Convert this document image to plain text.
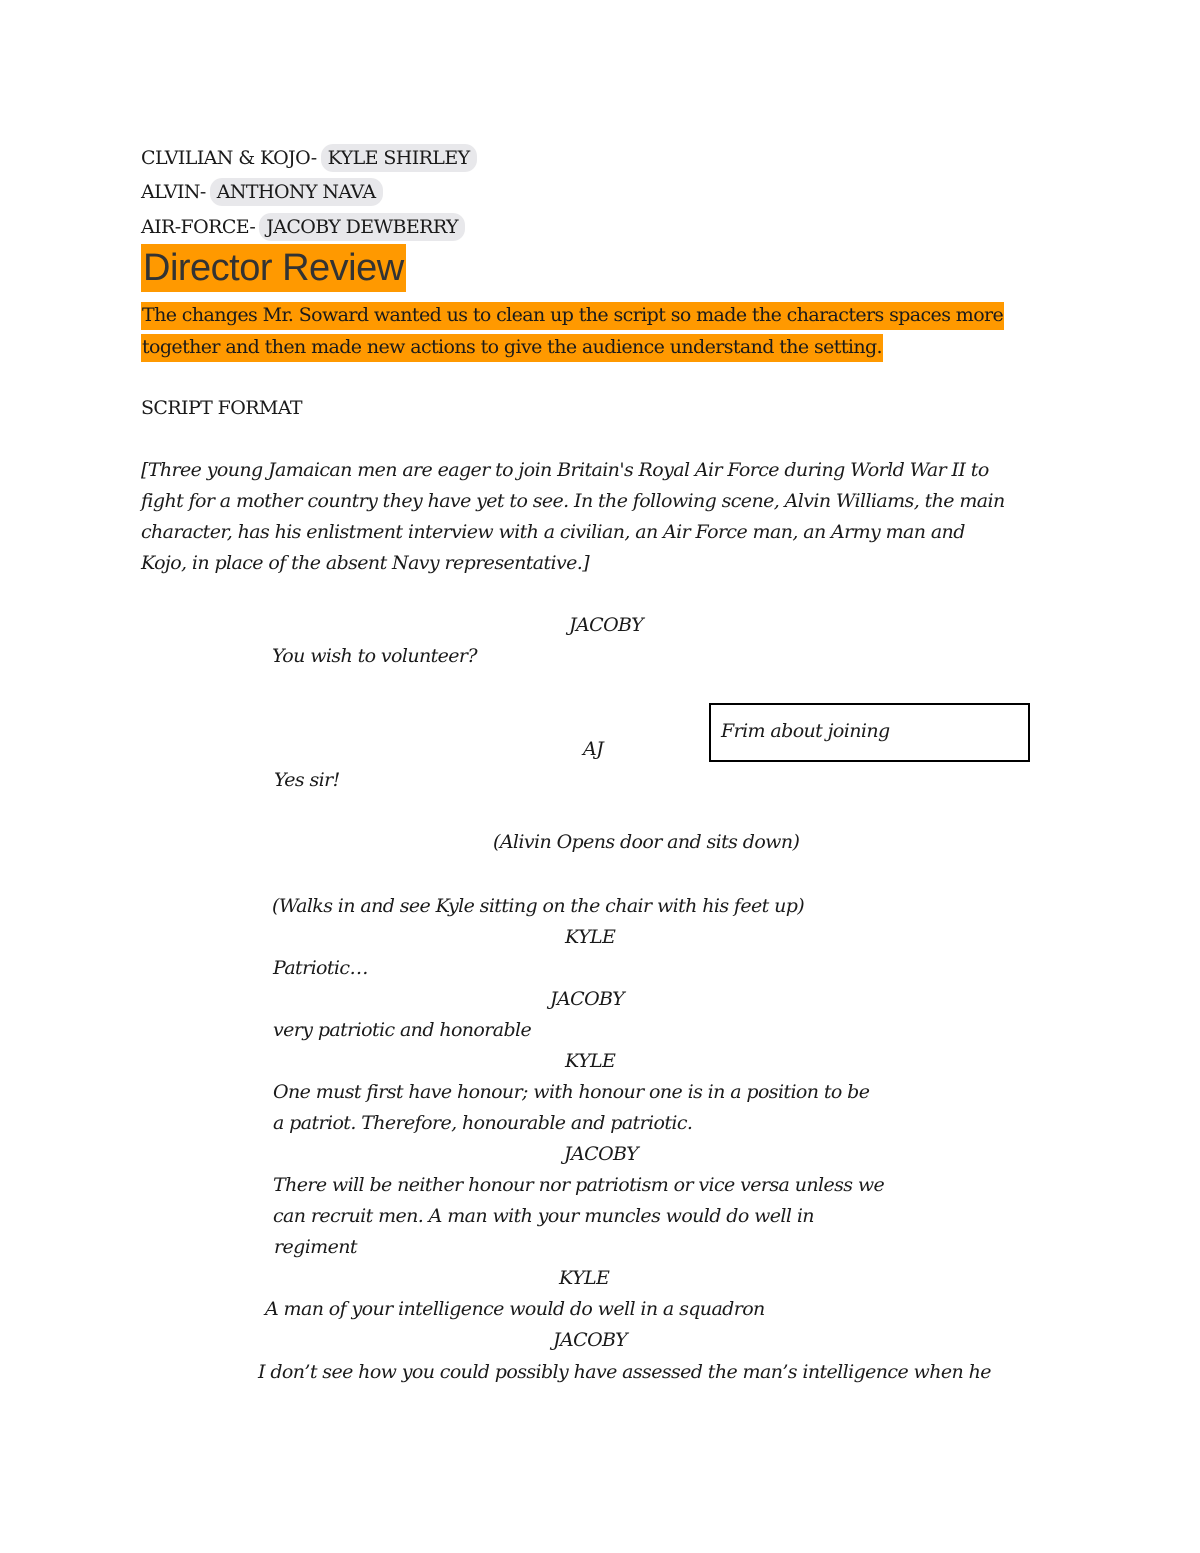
CLVILIAN & KOJO- KYLE SHIRLEY
ALVIN- ANTHONY NAVA
AIR-FORCE- JACOBY DEWBERRY
Director Review
The changes Mr. Soward wanted us to clean up the script so made the characters spaces more
together and then made new actions to give the audience understand the setting.
SCRIPT FORMAT
[Three young Jamaican men are eager to join Britain's Royal Air Force during World War II to
fight for a mother country they have yet to see. In the following scene, Alvin Williams, the main
character, has his enlistment interview with a civilian, an Air Force man, an Army man and
Kojo, in place of the absent Navy representative.]
JACOBY
You wish to volunteer?
Frim about joining
AJ
Yes sir!
(Alivin Opens door and sits down)
(Walks in and see Kyle sitting on the chair with his feet up)
KYLE
Patriotic…
JACOBY
very patriotic and honorable
KYLE
One must first have honour; with honour one is in a position to be
a patriot. Therefore, honourable and patriotic.
JACOBY
There will be neither honour nor patriotism or vice versa unless we
can recruit men. A man with your muncles would do well in
regiment
KYLE
A man of your intelligence would do well in a squadron
JACOBY
I don’t see how you could possibly have assessed the man’s intelligence when he
